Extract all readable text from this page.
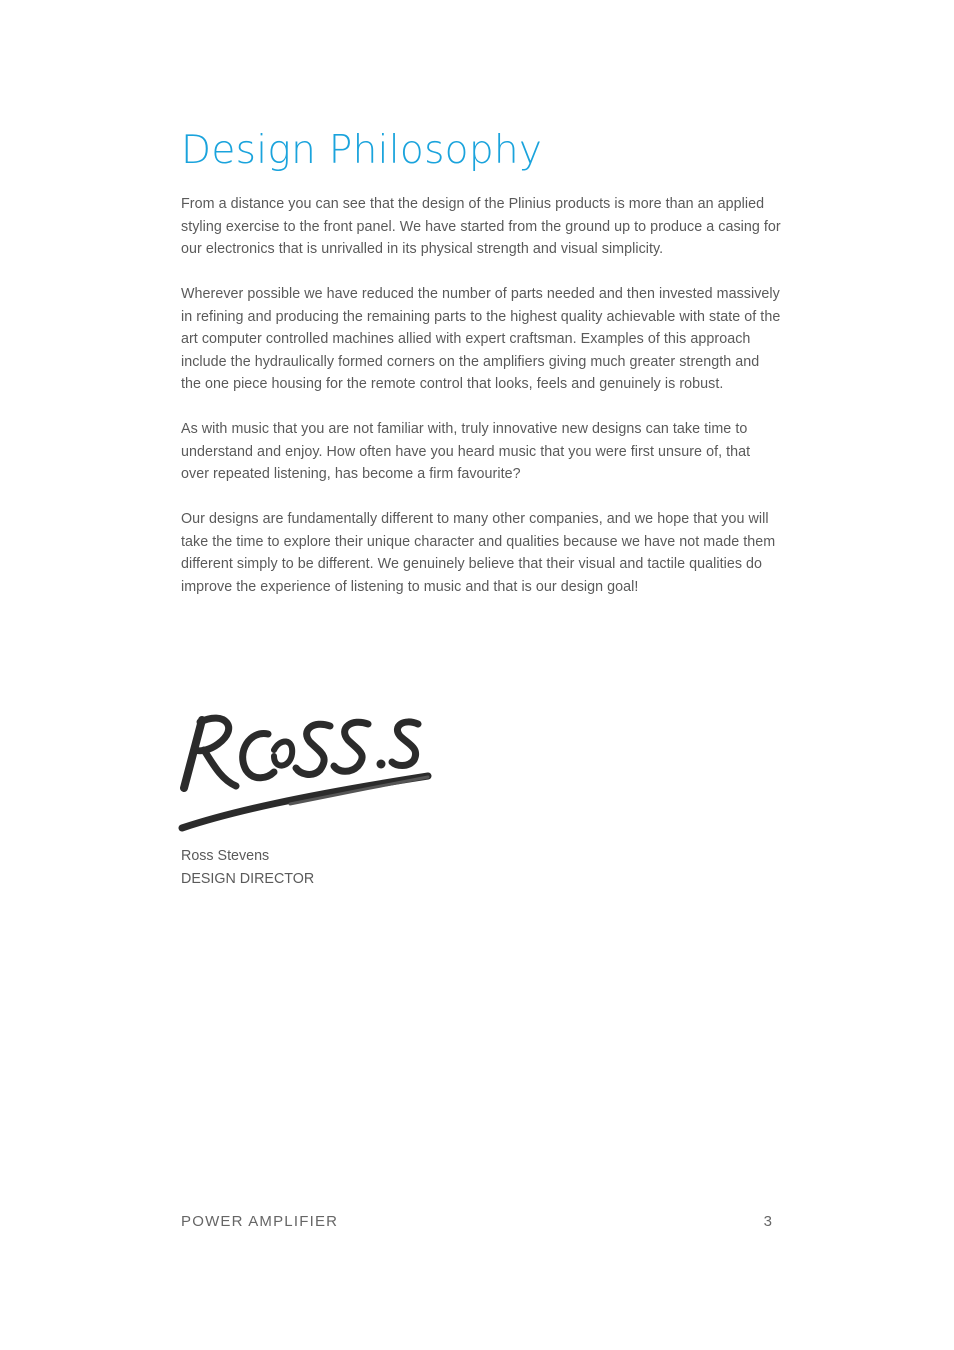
Design Philosophy

From a distance you can see that the design of the Plinius products is more than an applied styling exercise to the front panel. We have started from the ground up to produce a casing for our electronics that is unrivalled in its physical strength and visual simplicity.

Wherever possible we have reduced the number of parts needed and then invested massively in refining and producing the remaining parts to the highest quality achievable with state of the art computer controlled machines allied with expert craftsman. Examples of this approach include the hydraulically formed corners on the amplifiers giving much greater strength and the one piece housing for the remote control that looks, feels and genuinely is robust.

As with music that you are not familiar with, truly innovative new designs can take time to understand and enjoy. How often have you heard music that you were first unsure of, that over repeated listening, has become a firm favourite?

Our designs are fundamentally different to many other companies, and we hope that you will take the time to explore their unique character and qualities because we have not made them different simply to be different. We genuinely believe that their visual and tactile qualities do improve the experience of listening to music and that is our design goal!

Ross Stevens
DESIGN DIRECTOR
POWER AMPLIFIER	3
